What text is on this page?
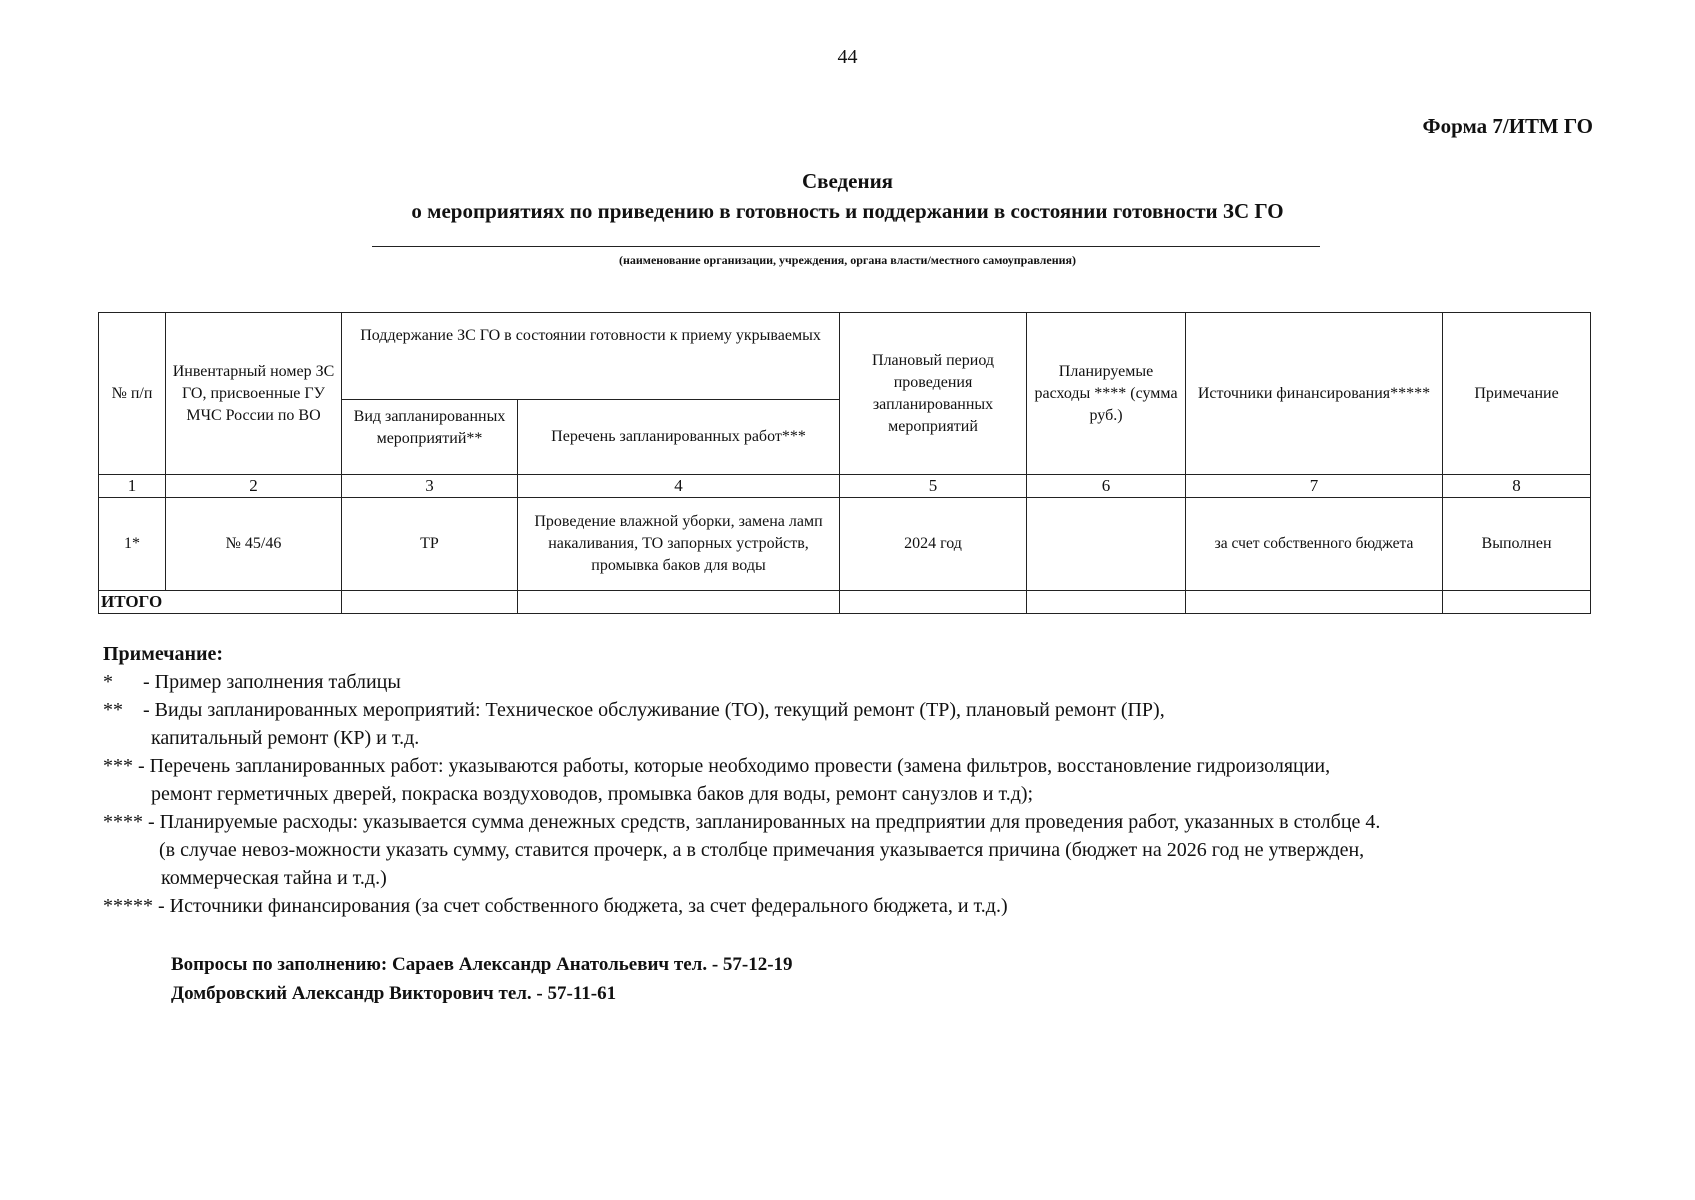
44
Форма 7/ИТМ ГО
Сведения
о мероприятиях по приведению в готовность и поддержании в состоянии готовности ЗС ГО
(наименование организации, учреждения, органа власти/местного самоуправления)
№ п/п	Инвентарный номер ЗС ГО, присвоенные ГУ МЧС России по ВО	Поддержание ЗС ГО в состоянии готовности к приему укрываемых		Плановый период проведения запланированных мероприятий	Планируемые расходы **** (сумма руб.)	Источники финансирования*****	Примечание
		Вид запланированных мероприятий**	Перечень запланированных работ***				
1	2	3	4	5	6	7	8
1*	№ 45/46	ТР	Проведение влажной уборки, замена ламп накаливания, ТО запорных устройств, промывка баков для воды	2024 год		за счет собственного бюджета	Выполнен
ИТОГО							
Примечание:
* - Пример заполнения таблицы
** - Виды запланированных мероприятий: Техническое обслуживание (ТО), текущий ремонт (ТР), плановый ремонт (ПР),
капитальный ремонт (КР) и т.д.
*** - Перечень запланированных работ: указываются работы, которые необходимо провести (замена фильтров, восстановление гидроизоляции,
ремонт герметичных дверей, покраска воздуховодов, промывка баков для воды, ремонт санузлов и т.д);
**** - Планируемые расходы: указывается сумма денежных средств, запланированных на предприятии для проведения работ, указанных в столбце 4.
(в случае невоз-можности указать сумму, ставится прочерк, а в столбце примечания указывается причина (бюджет на 2026 год не утвержден,
коммерческая тайна и т.д.)
***** - Источники финансирования (за счет собственного бюджета, за счет федерального бюджета, и т.д.)
Вопросы по заполнению: Сараев Александр Анатольевич тел. - 57-12-19
Домбровский Александр Викторович тел. - 57-11-61
